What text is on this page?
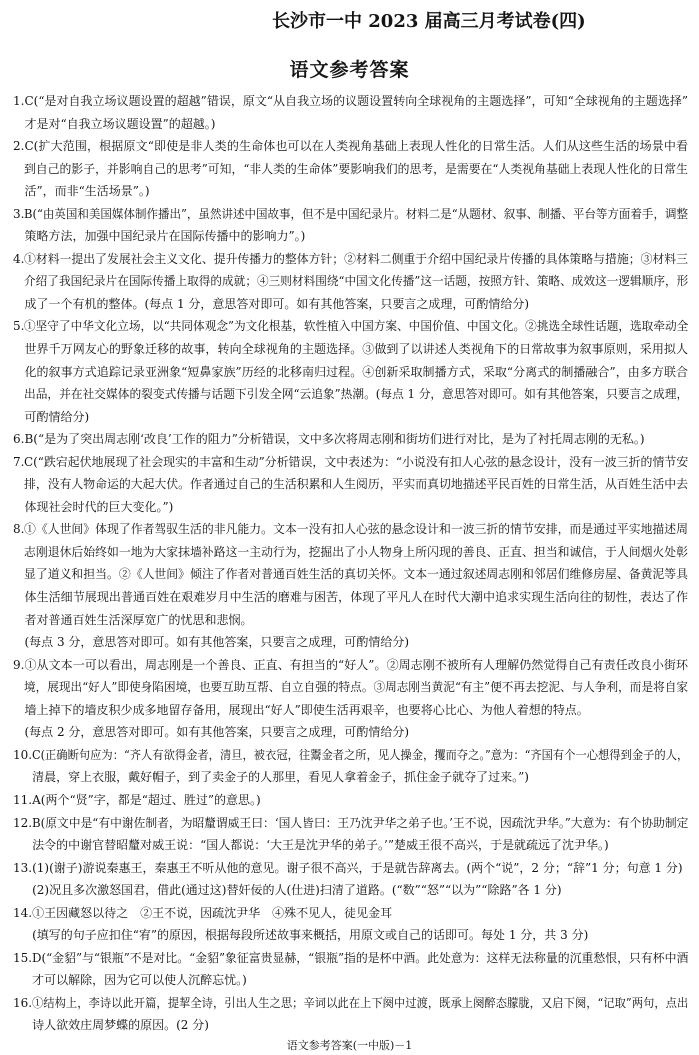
长沙市一中 2023 届高三月考试卷(四)
语文参考答案
1. C(“是对自我立场议题设置的超越”错误，原文“从自我立场的议题设置转向全球视角的主题选择”，可知“全球视角的主题选择”
才是对“自我立场议题设置”的超越。)
2. C(扩大范围，根据原文“即使是非人类的生命体也可以在人类视角基础上表现人性化的日常生活。人们从这些生活的场景中看
到自己的影子，并影响自己的思考”可知，“非人类的生命体”要影响我们的思考，是需要在“人类视角基础上表现人性化的日常生
活”，而非“生活场景”。)
3. B(“由英国和美国媒体制作播出”，虽然讲述中国故事，但不是中国纪录片。材料二是“从题材、叙事、制播、平台等方面着手，调整
策略方法，加强中国纪录片在国际传播中的影响力”。)
4. ①材料一提出了发展社会主义文化、提升传播力的整体方针；②材料二侧重于介绍中国纪录片传播的具体策略与措施；③材料三
介绍了我国纪录片在国际传播上取得的成就；④三则材料围绕“中国文化传播”这一话题，按照方针、策略、成效这一逻辑顺序，形
成了一个有机的整体。(每点 1 分，意思答对即可。如有其他答案，只要言之成理，可酌情给分)
5. ①坚守了中华文化立场，以“共同体观念”为文化根基，软性植入中国方案、中国价值、中国文化。②挑选全球性话题，选取牵动全
世界千万网友心的野象迁移的故事，转向全球视角的主题选择。③做到了以讲述人类视角下的日常故事为叙事原则，采用拟人
化的叙事方式追踪记录亚洲象“短鼻家族”历经的北移南归过程。④创新采取制播方式，采取“分离式的制播融合”，由多方联合
出品，并在社交媒体的裂变式传播与话题下引发全网“云追象”热潮。(每点 1 分，意思答对即可。如有其他答案，只要言之成理，
可酌情给分)
6. B(“是为了突出周志刚‘改良’工作的阻力”分析错误，文中多次将周志刚和街坊们进行对比，是为了衬托周志刚的无私。)
7. C(“跌宕起伏地展现了社会现实的丰富和生动”分析错误，文中表述为：“小说没有扣人心弦的悬念设计，没有一波三折的情节安
排，没有人物命运的大起大伏。作者通过自己的生活积累和人生阅历，平实而真切地描述平民百姓的日常生活，从百姓生活中去
体现社会时代的巨大变化。”)
8. ①《人世间》体现了作者驾驭生活的非凡能力。文本一没有扣人心弦的悬念设计和一波三折的情节安排，而是通过平实地描述周
志刚退休后始终如一地为大家抹墙补路这一主动行为，挖掘出了小人物身上所闪现的善良、正直、担当和诚信，于人间烟火处彰
显了道义和担当。②《人世间》倾注了作者对普通百姓生活的真切关怀。文本一通过叙述周志刚和邻居们维修房屋、备黄泥等具
体生活细节展现出普通百姓在艰难岁月中生活的磨难与困苦，体现了平凡人在时代大潮中追求实现生活向往的韧性，表达了作
者对普通百姓生活深厚宽广的忧思和悲悯。
(每点 3 分，意思答对即可。如有其他答案，只要言之成理，可酌情给分)
9. ①从文本一可以看出，周志刚是一个善良、正直、有担当的“好人”。②周志刚不被所有人理解仍然觉得自己有责任改良小街环
境，展现出“好人”即使身陷困境，也要互助互帮、自立自强的特点。③周志刚当黄泥“有主”便不再去挖泥、与人争利，而是将自家
墙上掉下的墙皮积少成多地留存备用，展现出“好人”即使生活再艰辛，也要将心比心、为他人着想的特点。
(每点 2 分，意思答对即可。如有其他答案，只要言之成理，可酌情给分)
10. C(正确断句应为：“齐人有欲得金者，清旦，被衣冠，往鬻金者之所，见人操金，攫而夺之。”意为：“齐国有个一心想得到金子的人，
清晨，穿上衣服，戴好帽子，到了卖金子的人那里，看见人拿着金子，抓住金子就夺了过来。”)
11. A(两个“贤”字，都是“超过、胜过”的意思。)
12. B(原文中是“有中谢佐制者，为昭釐谓威王曰：‘国人皆曰：王乃沈尹华之弟子也。’王不说，因疏沈尹华。”大意为：有个协助制定
法令的中谢官替昭釐对威王说：“国人都说：‘大王是沈尹华的弟子。’”楚威王很不高兴，于是就疏远了沈尹华。)
13. (1)(谢子)游说秦惠王，秦惠王不听从他的意见。谢子很不高兴，于是就告辞离去。(两个“说”，2 分；“辞”1 分；句意 1 分)
(2)况且多次激怒国君，借此(通过这)替奸佞的人(仕进)扫清了道路。(“数”“怒”“以为”“除路”各 1 分)
14. ①王因藏怒以待之　②王不说，因疏沈尹华　④殊不见人，徒见金耳
(填写的句子应扣住“宥”的原因，根据每段所述故事来概括，用原文或自己的话即可。每处 1 分，共 3 分)
15. D(“金貂”与“银瓶”不是对比。“金貂”象征富贵显赫，“银瓶”指的是杯中酒。此处意为：这样无法称量的沉重愁恨，只有杯中酒
才可以解除，因为它可以使人沉醉忘忧。)
16. ①结构上，李诗以此开篇，提挈全诗，引出人生之思；辛词以此在上下阕中过渡，既承上阕醉态朦胧，又启下阕，“记取”两句，点出
诗人欲效庄周梦蝶的原因。(2 分)
语文参考答案(一中版)－1
